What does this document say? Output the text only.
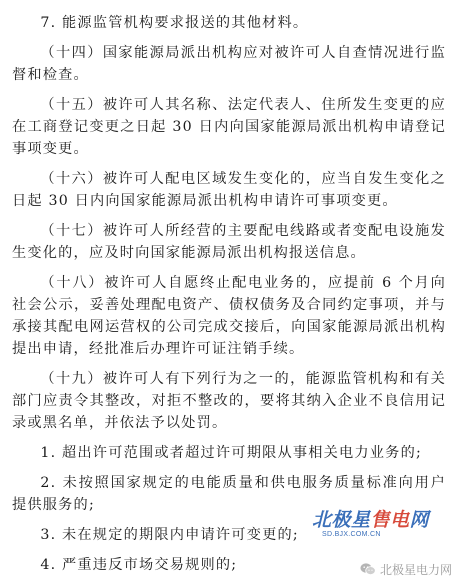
7. 能源监管机构要求报送的其他材料。

（十四）国家能源局派出机构应对被许可人自查情况进行监督和检查。

（十五）被许可人其名称、法定代表人、住所发生变更的应在工商登记变更之日起 30 日内向国家能源局派出机构申请登记事项变更。

（十六）被许可人配电区域发生变化的，应当自发生变化之日起 30 日内向国家能源局派出机构申请许可事项变更。

（十七）被许可人所经营的主要配电线路或者变配电设施发生变化的，应及时向国家能源局派出机构报送信息。

（十八）被许可人自愿终止配电业务的，应提前 6 个月向社会公示，妥善处理配电资产、债权债务及合同约定事项，并与承接其配电网运营权的公司完成交接后，向国家能源局派出机构提出申请，经批准后办理许可证注销手续。

（十九）被许可人有下列行为之一的，能源监管机构和有关部门应责令其整改，对拒不整改的，要将其纳入企业不良信用记录或黑名单，并依法予以处罚。

1. 超出许可范围或者超过许可期限从事相关电力业务的;

2. 未按照国家规定的电能质量和供电服务质量标准向用户提供服务的;

3. 未在规定的期限内申请许可变更的;

4. 严重违反市场交易规则的;

北极星售电网
SD.BJX.COM.CN
北极星电力网
